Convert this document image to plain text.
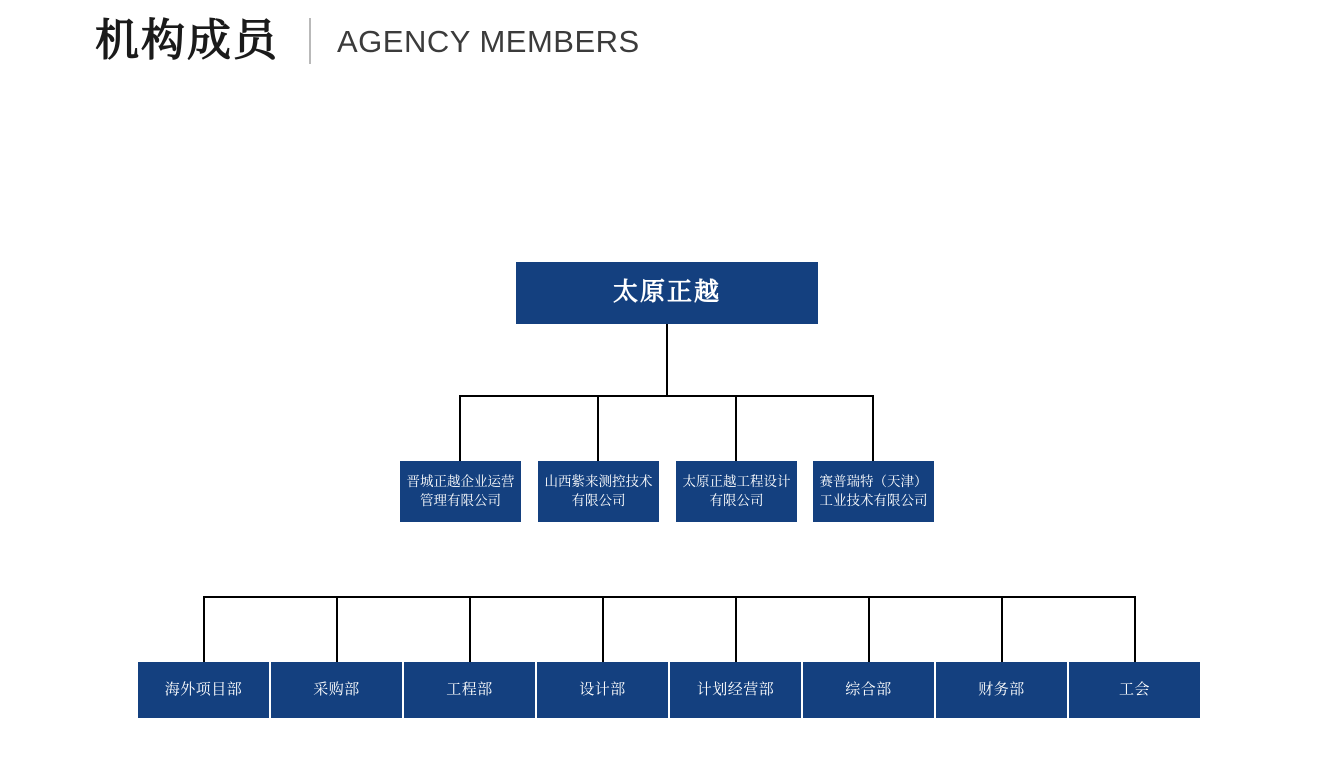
机构成员 AGENCY MEMBERS
太原正越
晋城正越企业运营管理有限公司
山西紫来测控技术有限公司
太原正越工程设计有限公司
赛普瑞特（天津）工业技术有限公司
海外项目部	采购部	工程部	设计部	计划经营部	综合部	财务部	工会
